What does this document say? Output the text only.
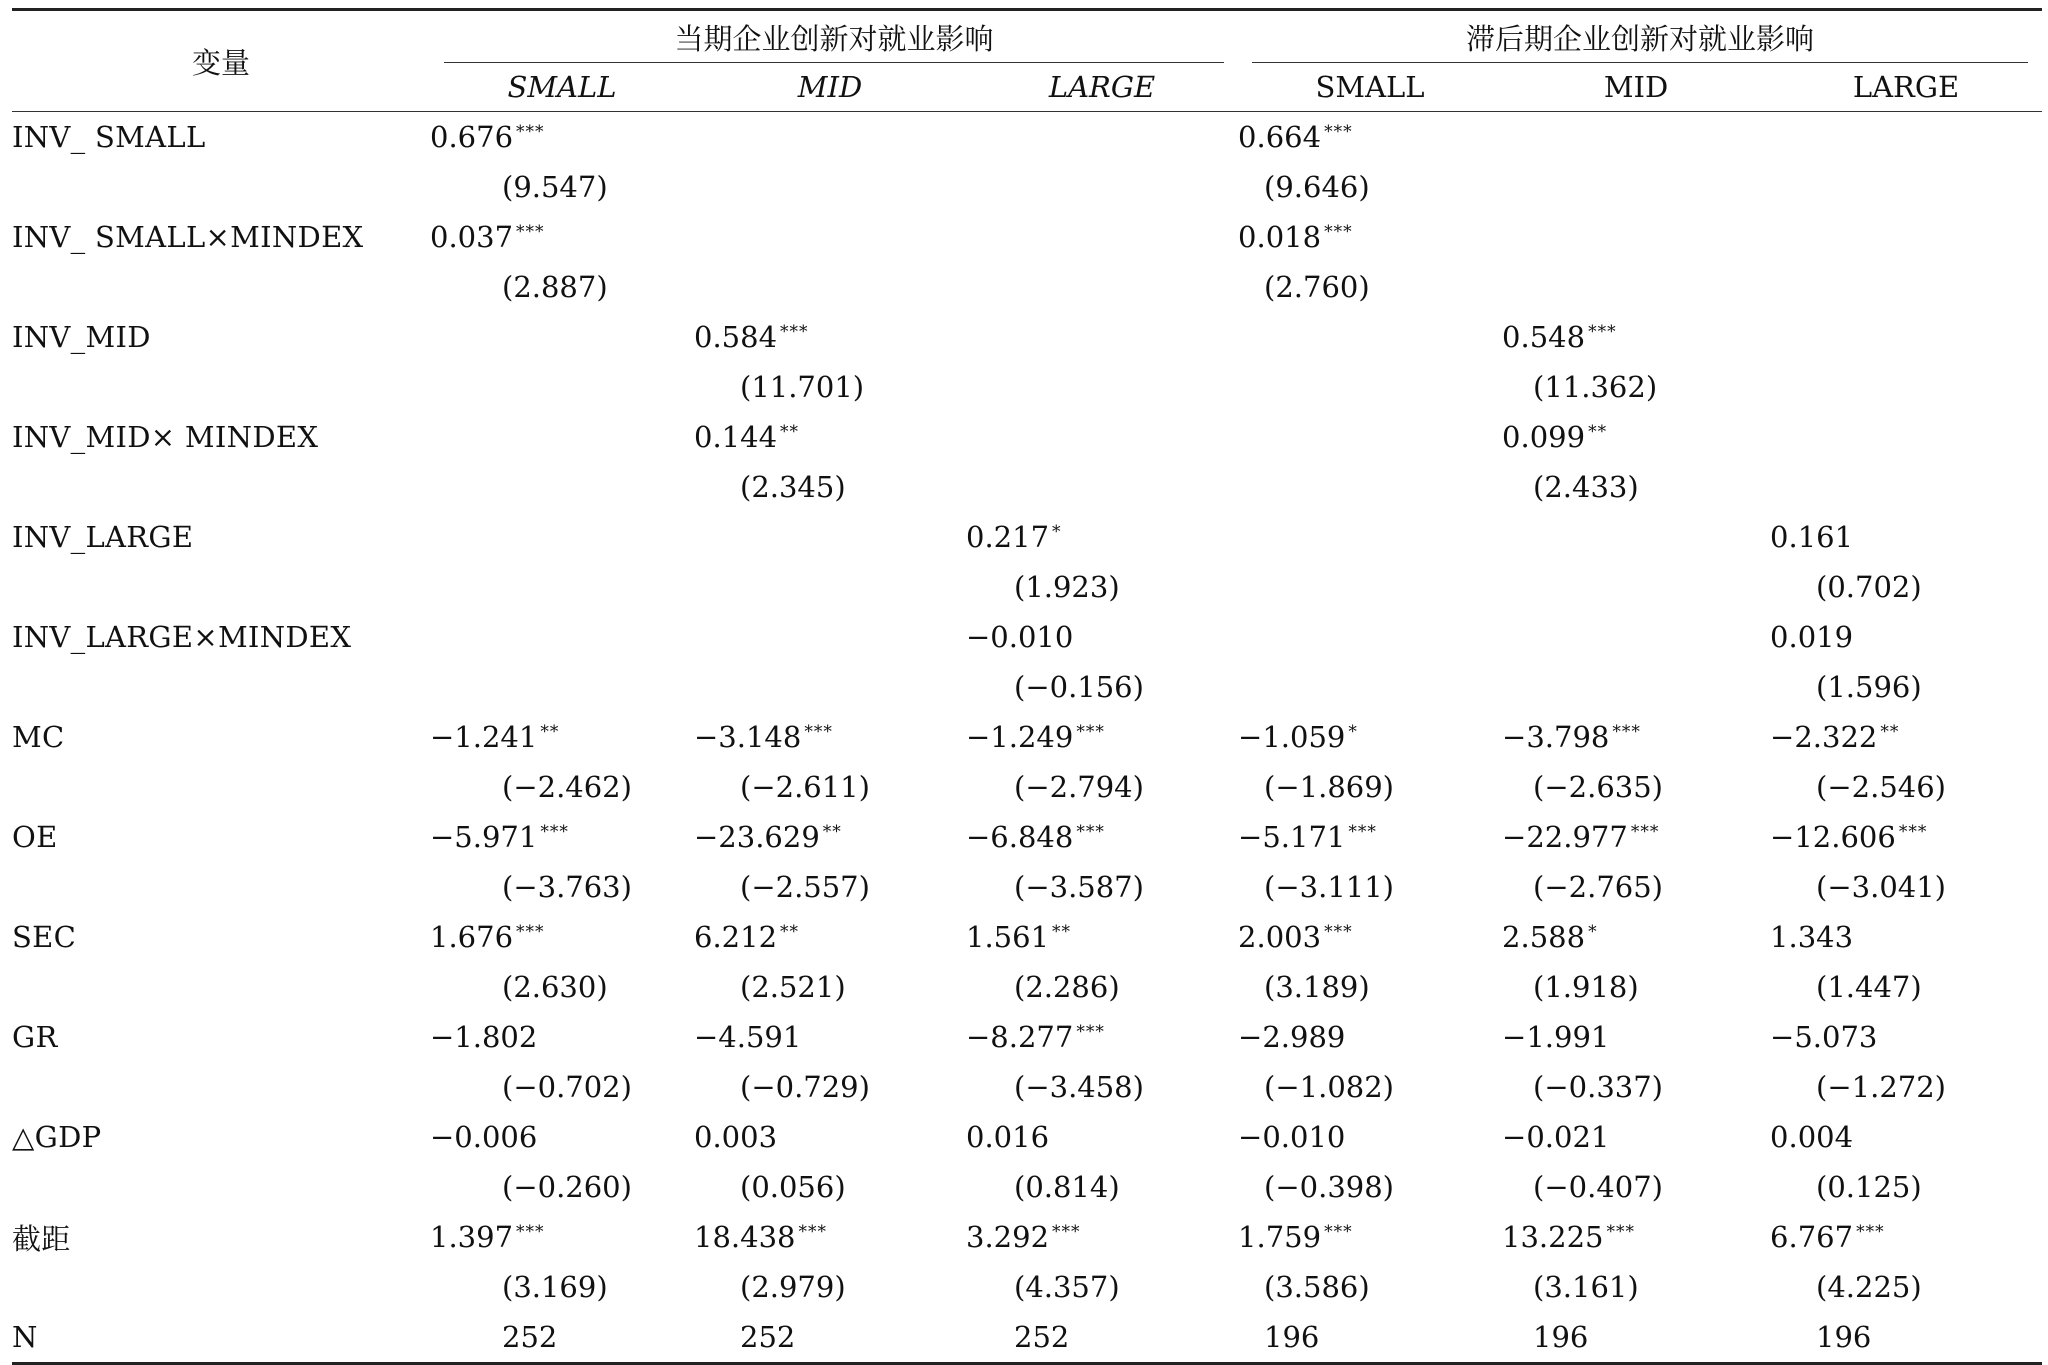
变量	当期企业创新对就业影响			滞后期企业创新对就业影响		

	SMALL	MID	LARGE	SMALL	MID	LARGE
INV_ SMALL	0.676 ***			0.664 ***		
	(9.547)			(9.646)		
INV_ SMALL×MINDEX	0.037 ***			0.018 ***		
	(2.887)			(2.760)		
INV_MID		0.584 ***			0.548 ***	
		(11.701)			(11.362)	
INV_MID× MINDEX		0.144 **			0.099 **	
		(2.345)			(2.433)	
INV_LARGE			0.217 *			0.161
			(1.923)			(0.702)
INV_LARGE×MINDEX			−0.010			0.019
			(−0.156)			(1.596)
MC	−1.241 **	−3.148 ***	−1.249 ***	−1.059 *	−3.798 ***	−2.322 **
	(−2.462)	(−2.611)	(−2.794)	(−1.869)	(−2.635)	(−2.546)
OE	−5.971 ***	−23.629 **	−6.848 ***	−5.171 ***	−22.977 ***	−12.606 ***
	(−3.763)	(−2.557)	(−3.587)	(−3.111)	(−2.765)	(−3.041)
SEC	1.676 ***	6.212 **	1.561 **	2.003 ***	2.588 *	1.343
	(2.630)	(2.521)	(2.286)	(3.189)	(1.918)	(1.447)
GR	−1.802	−4.591	−8.277 ***	−2.989	−1.991	−5.073
	(−0.702)	(−0.729)	(−3.458)	(−1.082)	(−0.337)	(−1.272)
△GDP	−0.006	0.003	0.016	−0.010	−0.021	0.004
	(−0.260)	(0.056)	(0.814)	(−0.398)	(−0.407)	(0.125)
截距	1.397 ***	18.438 ***	3.292 ***	1.759 ***	13.225 ***	6.767 ***
	(3.169)	(2.979)	(4.357)	(3.586)	(3.161)	(4.225)
N	252	252	252	196	196	196
